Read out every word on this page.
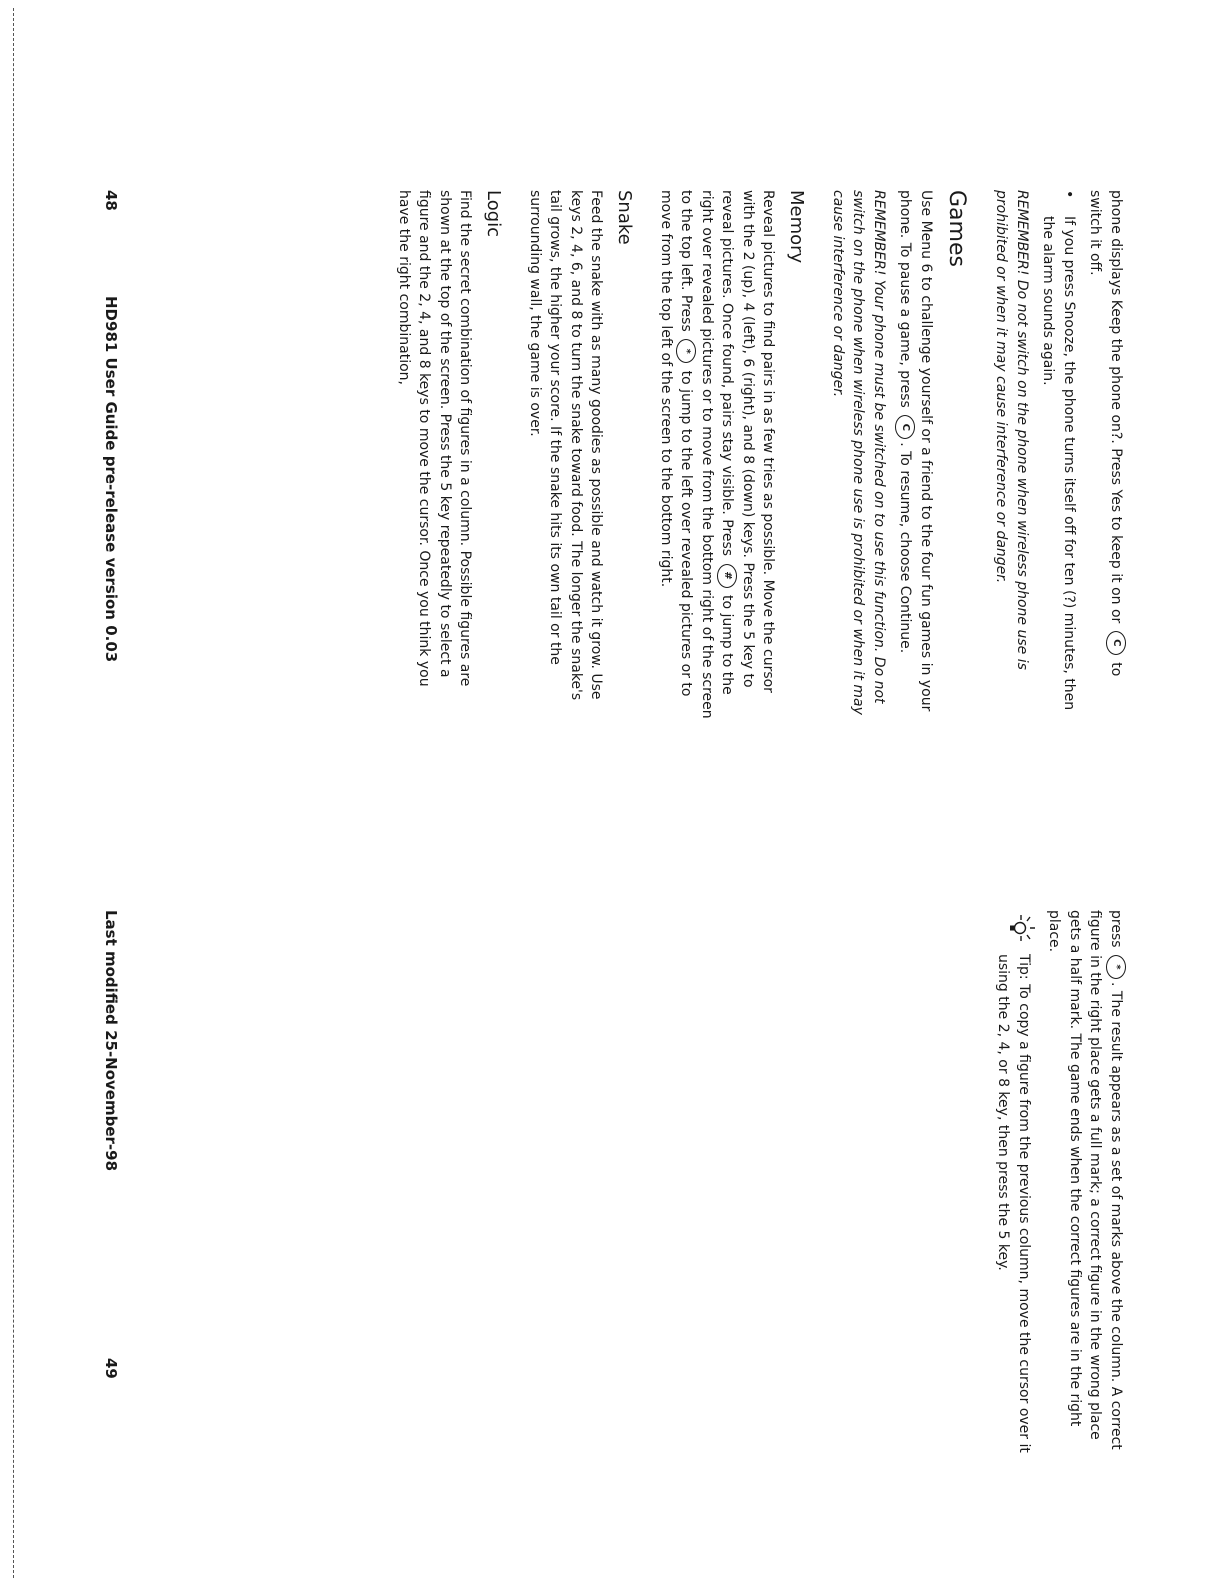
phone displays Keep the phone on?. Press Yes to keep it on or C to switch it off.

•
If you press Snooze, the phone turns itself off for ten (?) minutes, then the alarm sounds again.

REMEMBER! Do not switch on the phone when wireless phone use is prohibited or when it may cause interference or danger.

Games

Use Menu 6 to challenge yourself or a friend to the four fun games in your phone. To pause a game, press C. To resume, choose Continue.

REMEMBER! Your phone must be switched on to use this function. Do not switch on the phone when wireless phone use is prohibited or when it may cause interference or danger.

Memory

Reveal pictures to find pairs in as few tries as possible. Move the cursor with the 2 (up), 4 (left), 6 (right), and 8 (down) keys. Press the 5 key to reveal pictures. Once found, pairs stay visible. Press # to jump to the right over revealed pictures or to move from the bottom right of the screen to the top left. Press * to jump to the left over revealed pictures or to move from the top left of the screen to the bottom right.

Snake

Feed the snake with as many goodies as possible and watch it grow. Use keys 2, 4, 6, and 8 to turn the snake toward food. The longer the snake's tail grows, the higher your score. If the snake hits its own tail or the surrounding wall, the game is over.

Logic

Find the secret combination of figures in a column. Possible figures are shown at the top of the screen. Press the 5 key repeatedly to select a figure and the 2, 4, and 8 keys to move the cursor. Once you think you have the right combination,

48
HD981 User Guide pre-release version 0.03

press *. The result appears as a set of marks above the column. A correct figure in the right place gets a full mark; a correct figure in the wrong place gets a half mark. The game ends when the correct figures are in the right place.

Tip: To copy a figure from the previous column, move the cursor over it using the 2, 4, or 8 key, then press the 5 key.

Last modified 25-November-98
49
